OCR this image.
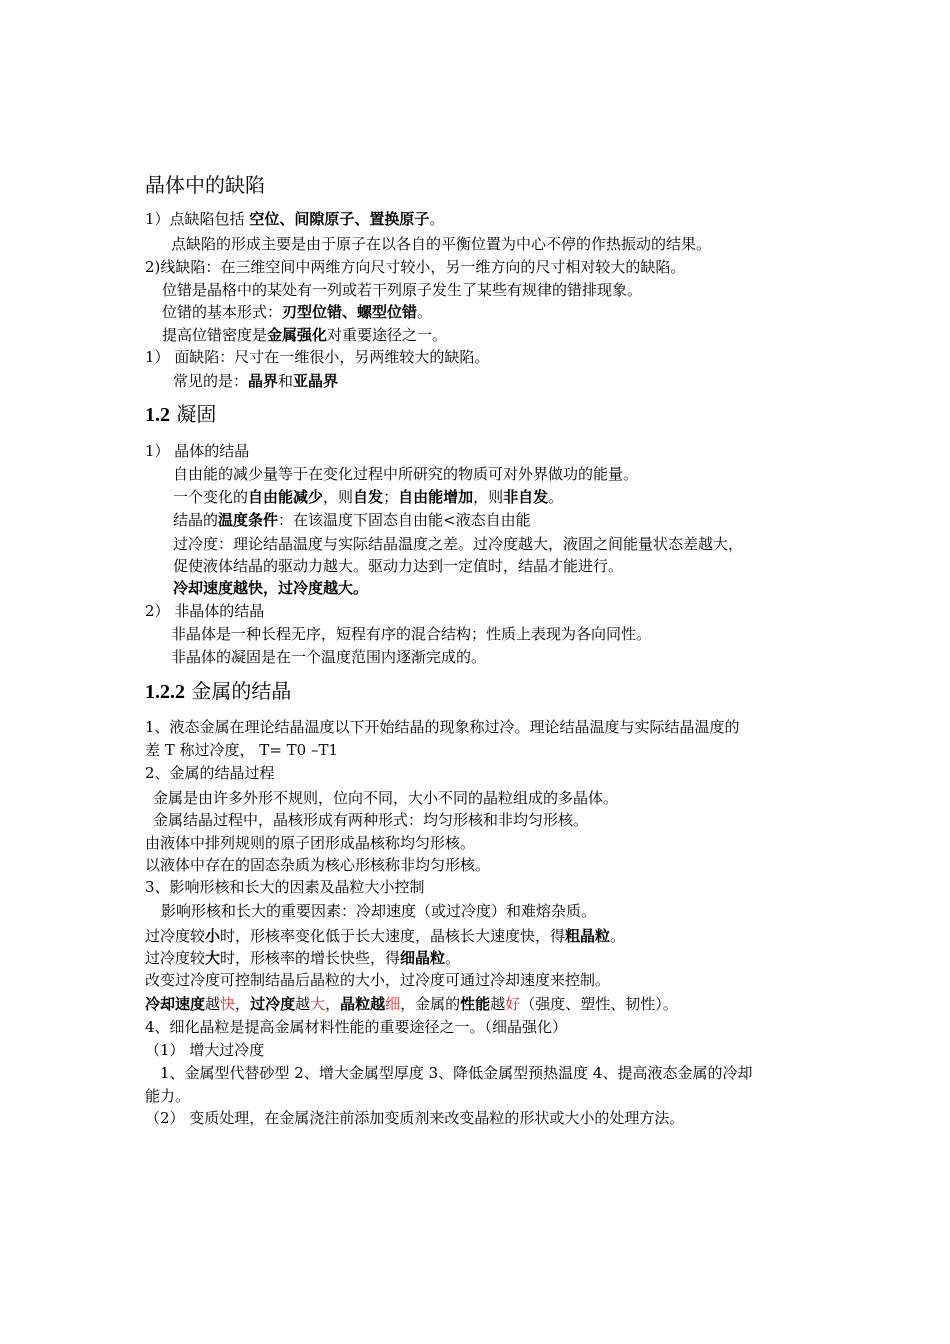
晶体中的缺陷
1）点缺陷包括 空位、间隙原子、置换原子。
点缺陷的形成主要是由于原子在以各自的平衡位置为中心不停的作热振动的结果。
2)线缺陷：在三维空间中两维方向尺寸较小，另一维方向的尺寸相对较大的缺陷。
位错是晶格中的某处有一列或若干列原子发生了某些有规律的错排现象。
位错的基本形式：刃型位错、螺型位错。
提高位错密度是金属强化对重要途径之一。
1） 面缺陷：尺寸在一维很小，另两维较大的缺陷。
常见的是：晶界和亚晶界
1.2 凝固
1） 晶体的结晶
自由能的减少量等于在变化过程中所研究的物质可对外界做功的能量。
一个变化的自由能减少，则自发；自由能增加，则非自发。
结晶的温度条件：在该温度下固态自由能<液态自由能
过冷度：理论结晶温度与实际结晶温度之差。过冷度越大，液固之间能量状态差越大，
促使液体结晶的驱动力越大。驱动力达到一定值时，结晶才能进行。
冷却速度越快，过冷度越大。
2） 非晶体的结晶
非晶体是一种长程无序，短程有序的混合结构；性质上表现为各向同性。
非晶体的凝固是在一个温度范围内逐渐完成的。
1.2.2 金属的结晶
1、液态金属在理论结晶温度以下开始结晶的现象称过冷。理论结晶温度与实际结晶温度的
差 T 称过冷度， T= T0 –T1
2、金属的结晶过程
金属是由许多外形不规则，位向不同，大小不同的晶粒组成的多晶体。
金属结晶过程中，晶核形成有两种形式：均匀形核和非均匀形核。
由液体中排列规则的原子团形成晶核称均匀形核。
以液体中存在的固态杂质为核心形核称非均匀形核。
3、影响形核和长大的因素及晶粒大小控制
影响形核和长大的重要因素：冷却速度（或过冷度）和难熔杂质。
过冷度较小时，形核率变化低于长大速度，晶核长大速度快，得粗晶粒。
过冷度较大时，形核率的增长快些，得细晶粒。
改变过冷度可控制结晶后晶粒的大小，过冷度可通过冷却速度来控制。
冷却速度越快，过冷度越大，晶粒越细，金属的性能越好（强度、塑性、韧性）。
4、细化晶粒是提高金属材料性能的重要途径之一。（细晶强化）
（1） 增大过冷度
1、金属型代替砂型 2、增大金属型厚度 3、降低金属型预热温度 4、提高液态金属的冷却
能力。
（2） 变质处理，在金属浇注前添加变质剂来改变晶粒的形状或大小的处理方法。
